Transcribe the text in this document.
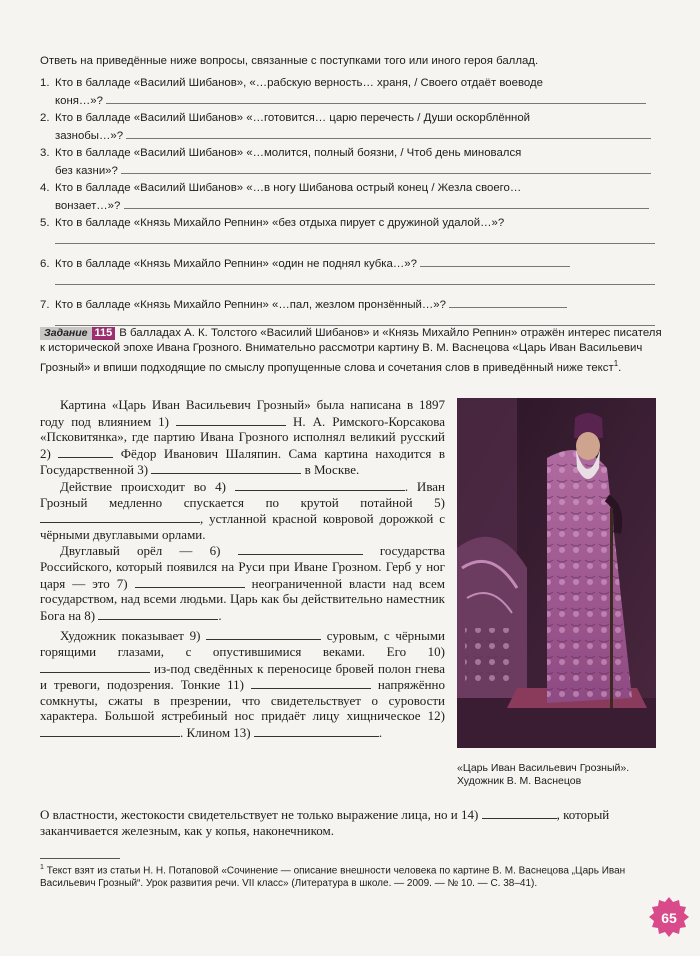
Ответь на приведённые ниже вопросы, связанные с поступками того или иного героя баллад.
1. Кто в балладе «Василий Шибанов», «…рабскую верность… храня, / Своего отдаёт воеводе
коня…»?
2. Кто в балладе «Василий Шибанов» «…готовится… царю перечесть / Души оскорблённой
зазнобы…»?
3. Кто в балладе «Василий Шибанов» «…молится, полный боязни, / Чтоб день миновался
без казни»?
4. Кто в балладе «Василий Шибанов» «…в ногу Шибанова острый конец / Жезла своего…
вонзает…»?
5. Кто в балладе «Князь Михайло Репнин» «без отдыха пирует с дружиной удалой…»?
6. Кто в балладе «Князь Михайло Репнин» «один не поднял кубка…»?
7. Кто в балладе «Князь Михайло Репнин» «…пал, жезлом пронзённый…»?
Задание 115 В балладах А. К. Толстого «Василий Шибанов» и «Князь Михайло Репнин» отражён интерес писателя к исторической эпохе Ивана Грозного. Внимательно рассмотри картину В. М. Васнецова «Царь Иван Васильевич Грозный» и впиши подходящие по смыслу пропущенные слова и сочетания слов в приведённый ниже текст$^1$.

Картина «Царь Иван Васильевич Грозный» была написана в 1897 году под влиянием 1)	Н. А. Римского-Корсакова «Псковитянка», где партию Ивана Грозного исполнял великий русский 2)	Фёдор Иванович Шаляпин. Сама картина находится в Государственной 3)	в Москве.

Действие происходит во 4)	. Иван Грозный медленно спускается по крутой потайной 5) , устланной красной ковровой дорожкой с чёрными двуглавыми орлами.

Двуглавый орёл — 6)	государства Российского, который появился на Руси при Иване Грозном. Герб у ног царя — это 7)	неограниченной власти над всем государством, над всеми людьми. Царь как бы действительно наместник Бога на 8)	.

Художник показывает 9)	суровым, с чёрными горящими глазами, с опустившимися веками. Его 10)  из-под сведённых к переносице бровей полон гнева и тревоги, подозрения. Тонкие 11)	напряжённо сомкнуты, сжаты в презрении, что свидетельствует о суровости характера. Большой ястребиный нос придаёт лицу хищническое 12) . Клином 13)	.

О властности, жестокости свидетельствует не только выражение лица, но и 14)	, который заканчивается железным, как у копья, наконечником.
«Царь Иван Васильевич Грозный».
Художник В. М. Васнецов
$^1$ Текст взят из статьи Н. Н. Потаповой «Сочинение — описание внешности человека по картине В. М. Васнецова „Царь Иван Васильевич Грозный“. Урок развития речи. VII класс» (Литература в школе. — 2009. — № 10. — С. 38–41).
65
